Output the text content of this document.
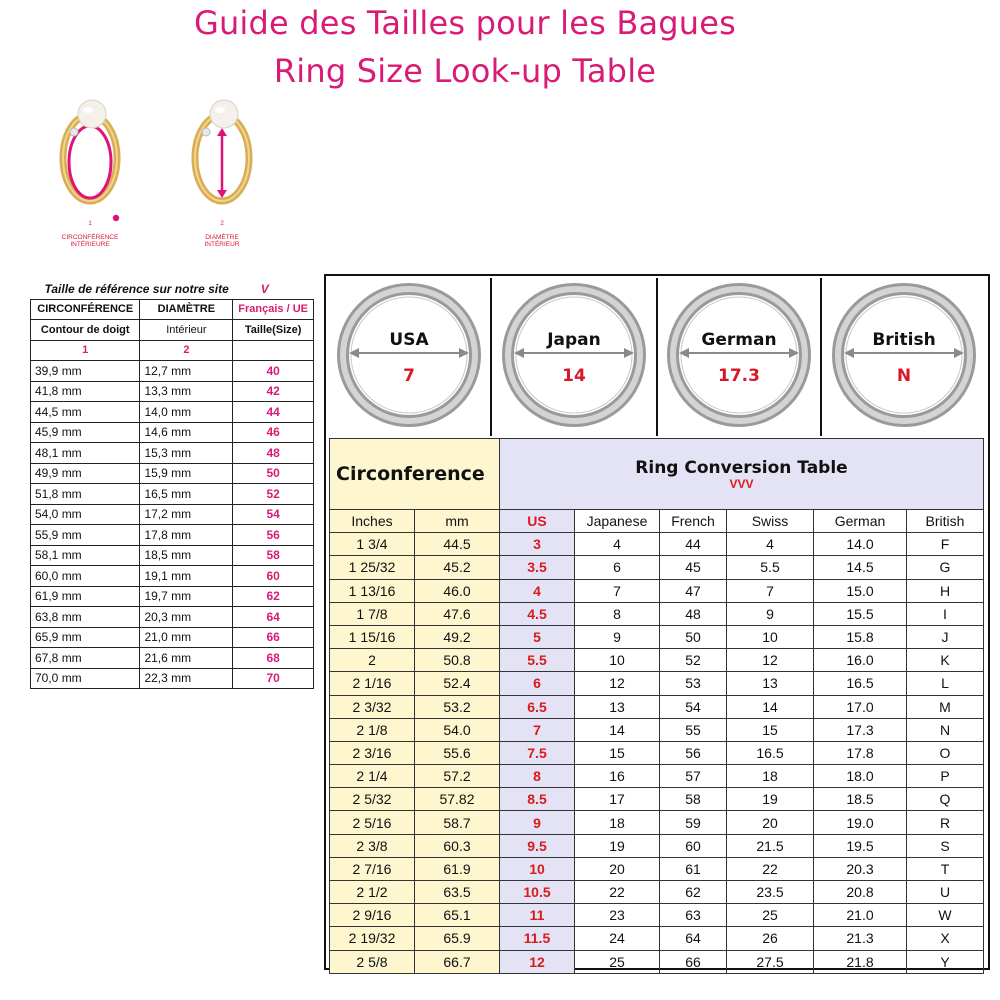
Guide des Tailles pour les Bagues
Ring Size Look-up Table
1
CIRCONFÉRENCE
INTÉRIEURE
2
DIAMÈTRE
INTÉRIEUR
Taille de référence sur notre site		V
CIRCONFÉRENCE	DIAMÈTRE	Français / UE
Contour de doigt	Intérieur	Taille(Size)
1	2	
39,9 mm	12,7 mm	40
41,8 mm	13,3 mm	42
44,5 mm	14,0 mm	44
45,9 mm	14,6 mm	46
48,1 mm	15,3 mm	48
49,9 mm	15,9 mm	50
51,8 mm	16,5 mm	52
54,0 mm	17,2 mm	54
55,9 mm	17,8 mm	56
58,1 mm	18,5 mm	58
60,0 mm	19,1 mm	60
61,9 mm	19,7 mm	62
63,8 mm	20,3 mm	64
65,9 mm	21,0 mm	66
67,8 mm	21,6 mm	68
70,0 mm	22,3 mm	70
USA
7
Japan
14
German
17.3
British
N
Circonference		Ring Conversion Table
VVV					

Inches	mm	US	Japanese	French	Swiss	German	British
1 3/4	44.5	3	4	44	4	14.0	F
1 25/32	45.2	3.5	6	45	5.5	14.5	G
1 13/16	46.0	4	7	47	7	15.0	H
1 7/8	47.6	4.5	8	48	9	15.5	I
1 15/16	49.2	5	9	50	10	15.8	J
2	50.8	5.5	10	52	12	16.0	K
2 1/16	52.4	6	12	53	13	16.5	L
2 3/32	53.2	6.5	13	54	14	17.0	M
2 1/8	54.0	7	14	55	15	17.3	N
2 3/16	55.6	7.5	15	56	16.5	17.8	O
2 1/4	57.2	8	16	57	18	18.0	P
2 5/32	57.82	8.5	17	58	19	18.5	Q
2 5/16	58.7	9	18	59	20	19.0	R
2 3/8	60.3	9.5	19	60	21.5	19.5	S
2 7/16	61.9	10	20	61	22	20.3	T
2 1/2	63.5	10.5	22	62	23.5	20.8	U
2 9/16	65.1	11	23	63	25	21.0	W
2 19/32	65.9	11.5	24	64	26	21.3	X
2 5/8	66.7	12	25	66	27.5	21.8	Y
